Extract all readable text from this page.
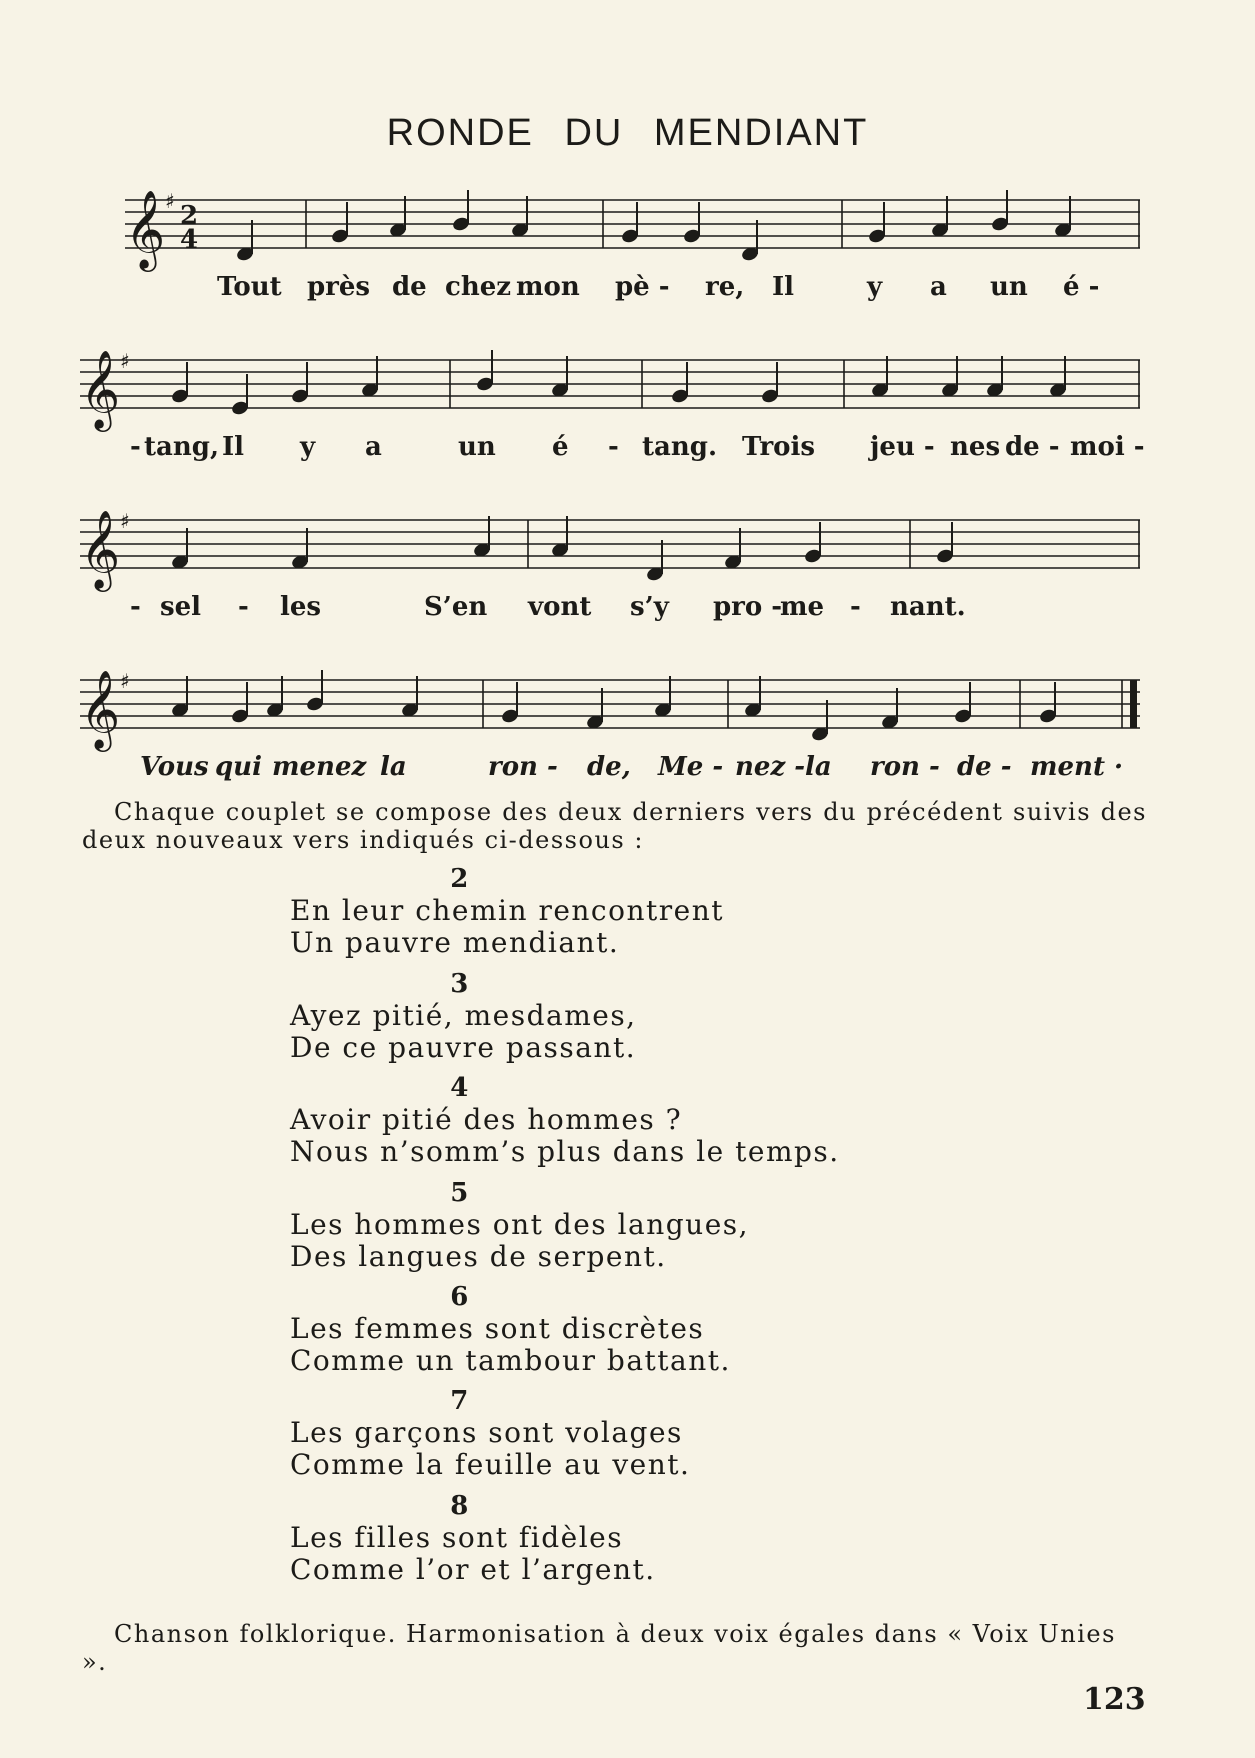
RONDE DU MENDIANT
𝄞 ♯ 2
4
Tout près de chez mon pè - re, Il	y a un é -
𝄞 ♯
- tang, Il y a	un é - tang. Trois jeu - nes de - moi -
𝄞 ♯
- sel - les	S’en vont s’y pro -
me - nant.
𝄞 ♯
Vous qui menez la	ron - de, Me - nez - la ron - de - ment ·

Chaque couplet se compose des deux derniers vers du précédent suivis des deux nouveaux vers indiqués ci-dessous :

2
En leur chemin rencontrent
Un pauvre mendiant.
3
Ayez pitié, mesdames,
De ce pauvre passant.
4
Avoir pitié des hommes ?
Nous n’somm’s plus dans le temps.
5
Les hommes ont des langues,
Des langues de serpent.
6
Les femmes sont discrètes
Comme un tambour battant.
7
Les garçons sont volages
Comme la feuille au vent.
8
Les filles sont fidèles
Comme l’or et l’argent.

Chanson folklorique. Harmonisation à deux voix égales dans « Voix Unies ».

123
